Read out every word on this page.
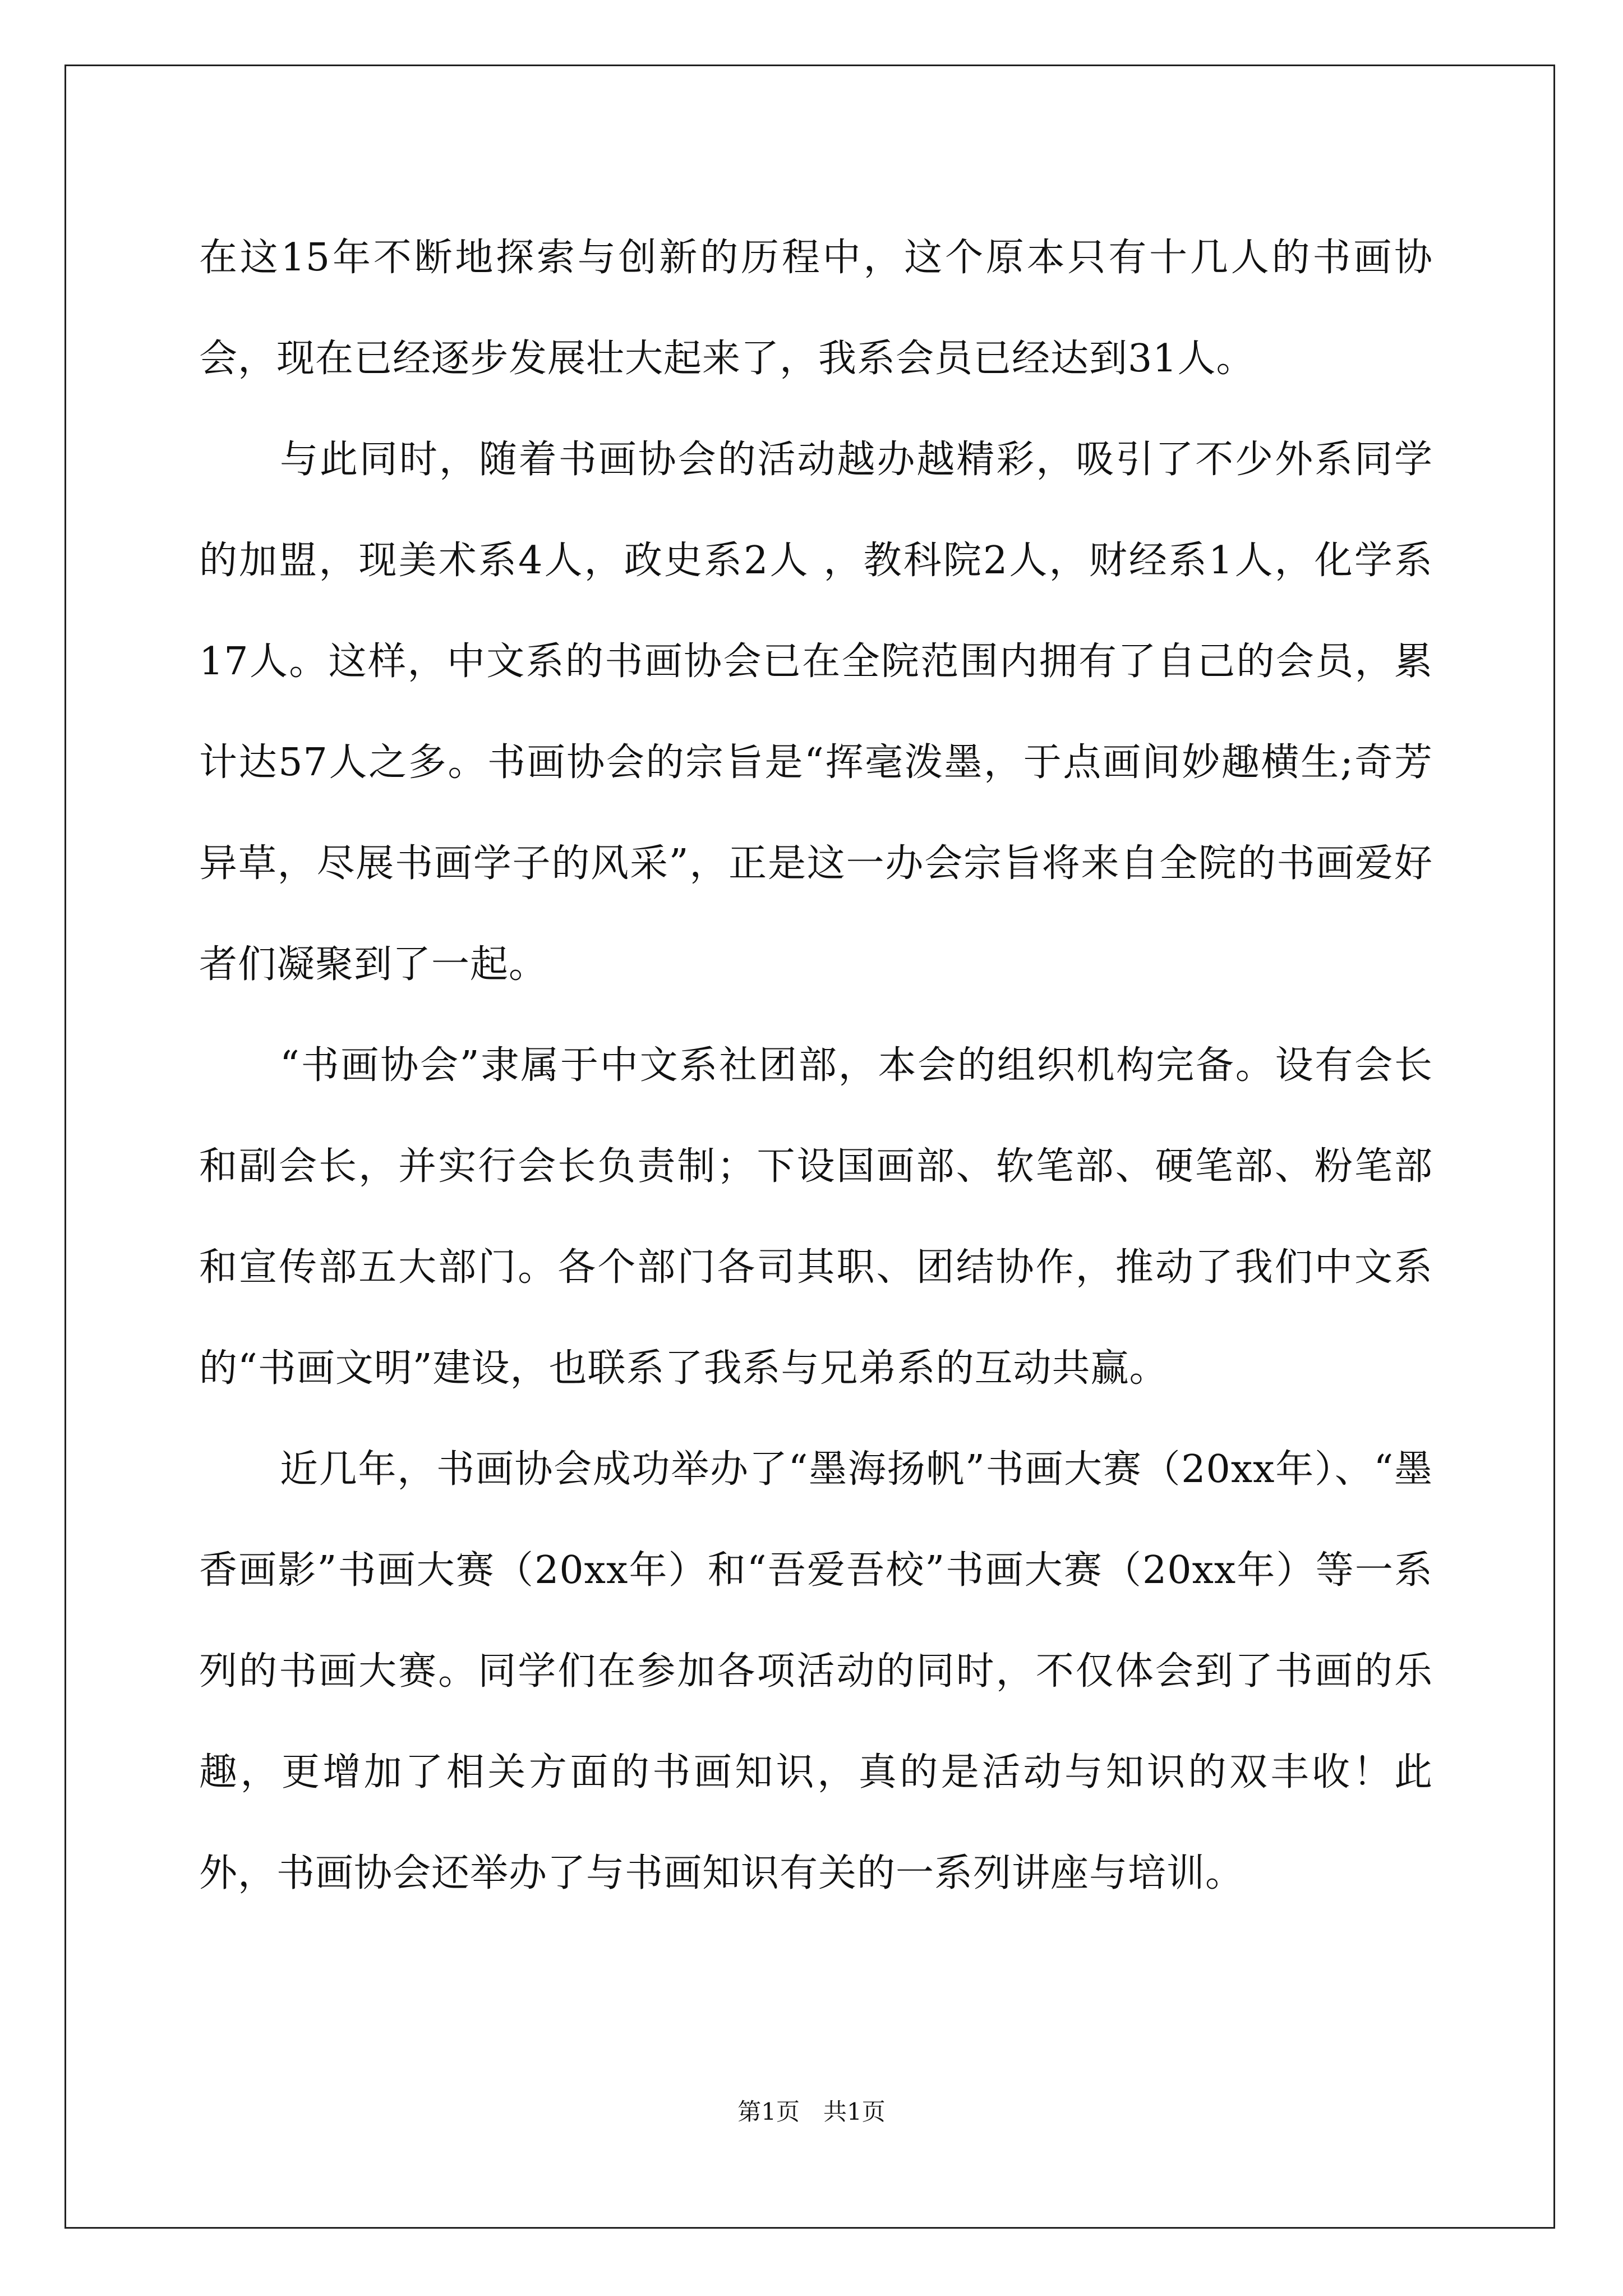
在这15年不断地探索与创新的历程中，这个原本只有十几人的书画协会，现在已经逐步发展壮大起来了，我系会员已经达到31人。

与此同时，随着书画协会的活动越办越精彩，吸引了不少外系同学的加盟，现美术系4人，政史系2人 ，教科院2人，财经系1人，化学系17人。这样，中文系的书画协会已在全院范围内拥有了自己的会员，累计达57人之多。书画协会的宗旨是“挥毫泼墨，于点画间妙趣横生;奇芳异草，尽展书画学子的风采”，正是这一办会宗旨将来自全院的书画爱好者们凝聚到了一起。

“书画协会”隶属于中文系社团部，本会的组织机构完备。设有会长和副会长，并实行会长负责制；下设国画部、软笔部、硬笔部、粉笔部和宣传部五大部门。各个部门各司其职、团结协作，推动了我们中文系的“书画文明”建设，也联系了我系与兄弟系的互动共赢。

近几年，书画协会成功举办了“墨海扬帆”书画大赛（20xx年）、“墨香画影”书画大赛（20xx年）和“吾爱吾校”书画大赛（20xx年）等一系列的书画大赛。同学们在参加各项活动的同时，不仅体会到了书画的乐趣，更增加了相关方面的书画知识，真的是活动与知识的双丰收！此外，书画协会还举办了与书画知识有关的一系列讲座与培训。

第1页　共1页
